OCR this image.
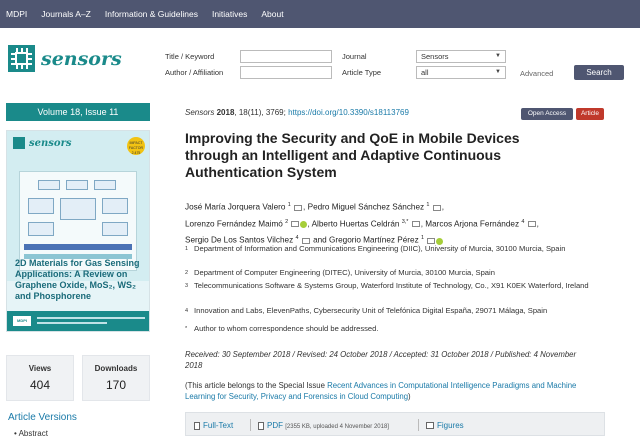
MDPI Journals A–Z Information & Guidelines Initiatives About
sensors	Title / Keyword
Author / Affiliation
Journal	Sensors	▼
Article Type	all	▼	Advanced	Search
Volume 18, Issue 11
sensors	IMPACT FACTOR 2.475
2D Materials for Gas Sensing
Applications: A Review on
Graphene Oxide, MoS₂, WS₂
and Phosphorene
MDPI
Views
404
Downloads
170
Article Versions
• Abstract
Sensors 2018, 18(11), 3769; https://doi.org/10.3390/s18113769	Open Access	Article
Improving the Security and QoE in Mobile Devices
through an Intelligent and Adaptive Continuous
Authentication System
José María Jorquera Valero $^1$ , Pedro Miguel Sánchez Sánchez $^1$ ,
Lorenzo Fernández Maimó $^2$ , Alberto Huertas Celdrán $^{3,*}$ , Marcos Arjona Fernández $^4$ ,
Sergio De Los Santos Vilchez $^4$ and Gregorio Martínez Pérez $^1$
1 Department of Information and Communications Engineering (DIIC), University of Murcia, 30100 Murcia, Spain
2 Department of Computer Engineering (DITEC), University of Murcia, 30100 Murcia, Spain
3 Telecommunications Software & Systems Group, Waterford Institute of Technology, Co., X91 K0EK Waterford, Ireland
4 Innovation and Labs, ElevenPaths, Cybersecurity Unit of Telefónica Digital España, 29071 Málaga, Spain
* Author to whom correspondence should be addressed.
Received: 30 September 2018 / Revised: 24 October 2018 / Accepted: 31 October 2018 / Published: 4 November 2018
(This article belongs to the Special Issue Recent Advances in Computational Intelligence Paradigms and Machine Learning for Security, Privacy and Forensics in Cloud Computing)
Full-Text	PDF [2355 KB, uploaded 4 November 2018]	Figures
